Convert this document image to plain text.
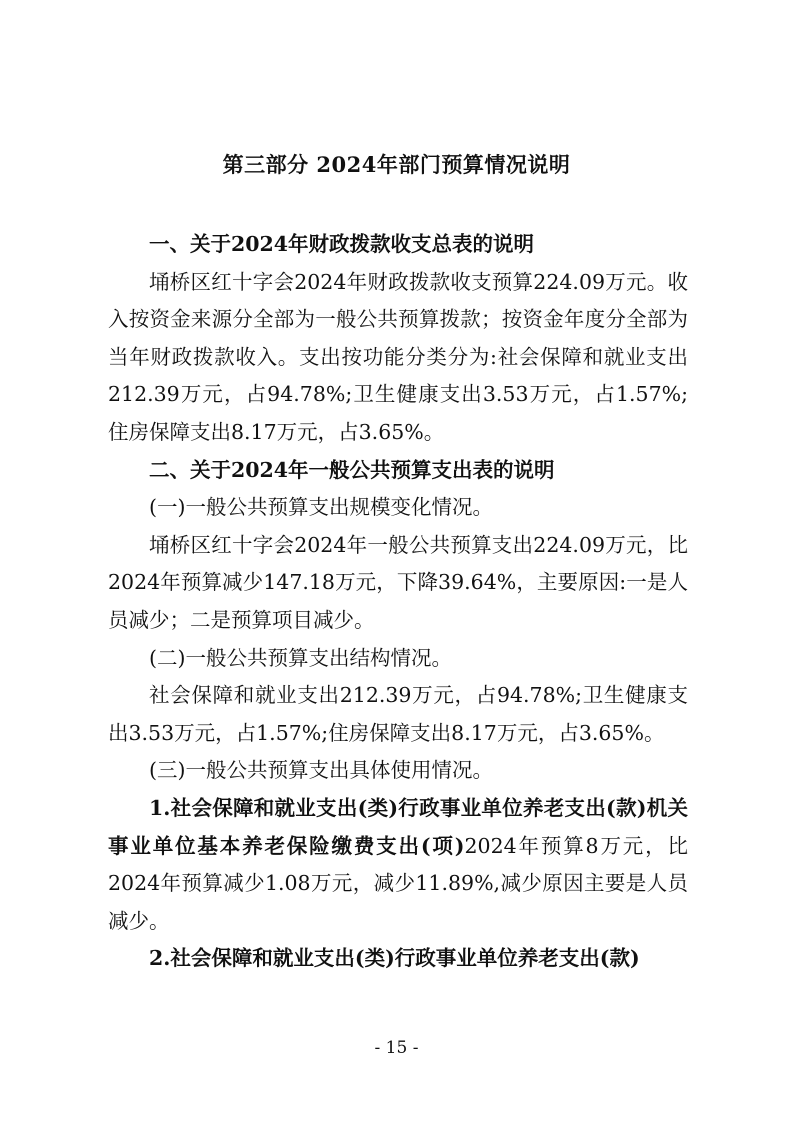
第三部分 2024年部门预算情况说明

一、关于2024年财政拨款收支总表的说明

埇桥区红十字会2024年财政拨款收支预算224.09万元。收入按资金来源分全部为一般公共预算拨款；按资金年度分全部为当年财政拨款收入。支出按功能分类分为:社会保障和就业支出212.39万元，占94.78%;卫生健康支出3.53万元，占1.57%;住房保障支出8.17万元，占3.65%。

二、关于2024年一般公共预算支出表的说明

(一)一般公共预算支出规模变化情况。

埇桥区红十字会2024年一般公共预算支出224.09万元，比2024年预算减少147.18万元，下降39.64%，主要原因:一是人员减少；二是预算项目减少。

(二)一般公共预算支出结构情况。

社会保障和就业支出212.39万元，占94.78%;卫生健康支出3.53万元，占1.57%;住房保障支出8.17万元，占3.65%。

(三)一般公共预算支出具体使用情况。

1.社会保障和就业支出(类)行政事业单位养老支出(款)机关事业单位基本养老保险缴费支出(项)2024年预算8万元，比2024年预算减少1.08万元，减少11.89%,减少原因主要是人员减少。

2.社会保障和就业支出(类)行政事业单位养老支出(款)

- 15 -
